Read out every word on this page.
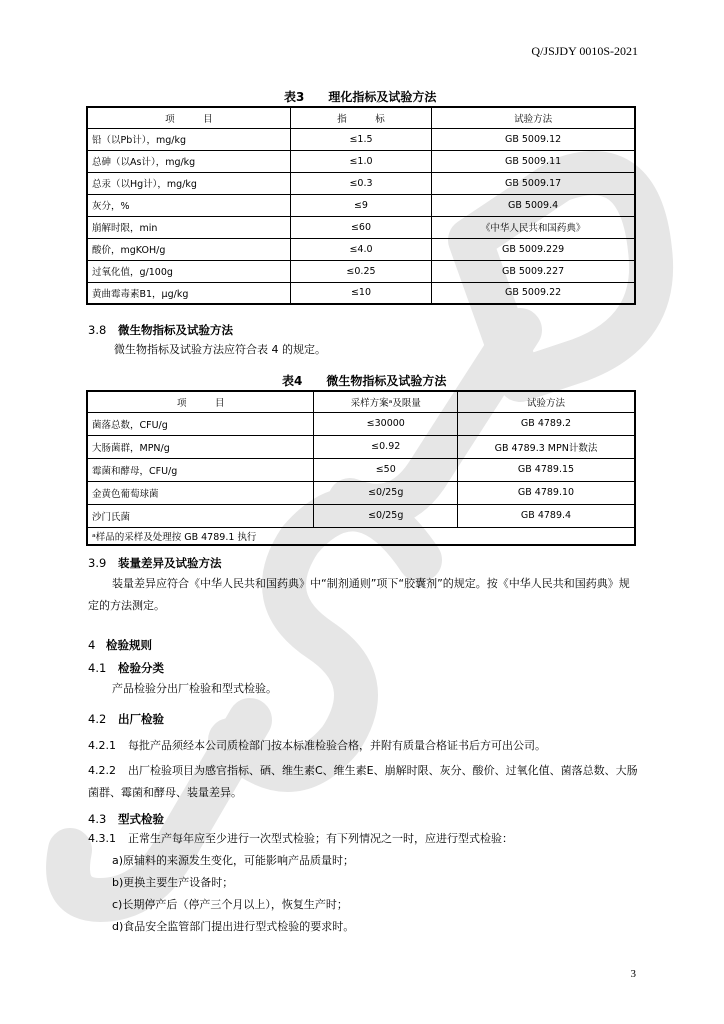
Q/JSJDY 0010S-2021
表3　　理化指标及试验方法
项　　　目	指　　　标	试验方法
铅（以Pb计），mg/kg	≤1.5	GB 5009.12
总砷（以As计），mg/kg	≤1.0	GB 5009.11
总汞（以Hg计），mg/kg	≤0.3	GB 5009.17
灰分，%	≤9	GB 5009.4
崩解时限，min	≤60	《中华人民共和国药典》
酸价，mgKOH/g	≤4.0	GB 5009.229
过氧化值，g/100g	≤0.25	GB 5009.227
黄曲霉毒素B1，μg/kg	≤10	GB 5009.22
3.8 微生物指标及试验方法
微生物指标及试验方法应符合表 4 的规定。
表4　　微生物指标及试验方法
项　　　目	采样方案ᵃ及限量	试验方法
菌落总数，CFU/g	≤30000	GB 4789.2
大肠菌群，MPN/g	≤0.92	GB 4789.3 MPN计数法
霉菌和酵母，CFU/g	≤50	GB 4789.15
金黄色葡萄球菌	≤0/25g	GB 4789.10
沙门氏菌	≤0/25g	GB 4789.4
ᵃ样品的采样及处理按 GB 4789.1 执行		
3.9 装量差异及试验方法
装量差异应符合《中华人民共和国药典》中“制剂通则”项下“胶囊剂”的规定。按《中华人民共和国药典》规定的方法测定。
4 检验规则
4.1 检验分类
产品检验分出厂检验和型式检验。
4.2 出厂检验
4.2.1 每批产品须经本公司质检部门按本标准检验合格，并附有质量合格证书后方可出公司。
4.2.2 出厂检验项目为感官指标、硒、维生素C、维生素E、崩解时限、灰分、酸价、过氧化值、菌落总数、大肠菌群、霉菌和酵母、装量差异。
4.3 型式检验
4.3.1 正常生产每年应至少进行一次型式检验；有下列情况之一时，应进行型式检验：
a)原辅料的来源发生变化，可能影响产品质量时；
b)更换主要生产设备时；
c)长期停产后（停产三个月以上），恢复生产时；
d)食品安全监管部门提出进行型式检验的要求时。
3
